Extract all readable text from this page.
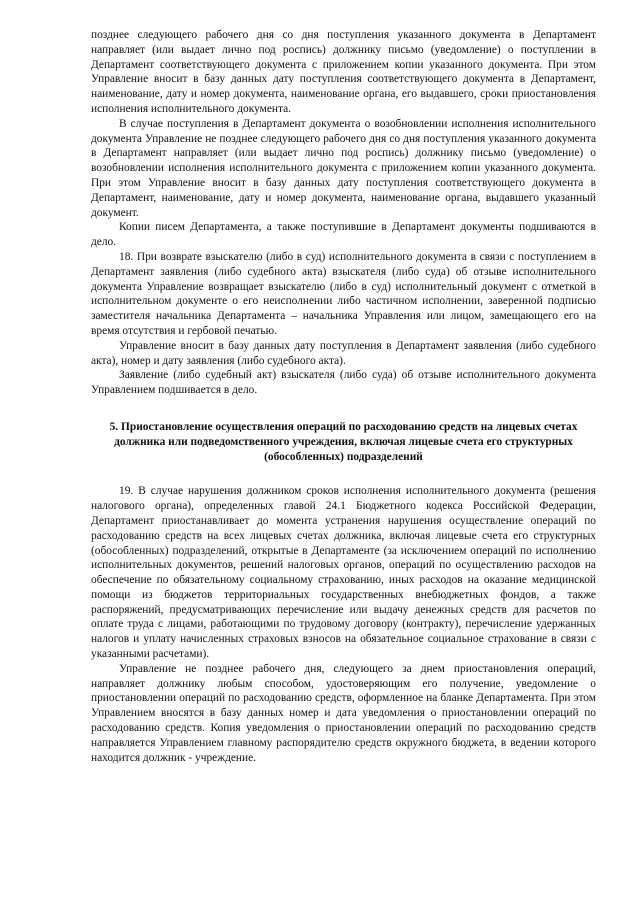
позднее следующего рабочего дня со дня поступления указанного документа в Департамент направляет (или выдает лично под роспись) должнику письмо (уведомление) о поступлении в Департамент соответствующего документа с приложением копии указанного документа. При этом Управление вносит в базу данных дату поступления соответствующего документа в Департамент, наименование, дату и номер документа, наименование органа, его выдавшего, сроки приостановления исполнения исполнительного документа.

В случае поступления в Департамент документа о возобновлении исполнения исполнительного документа Управление не позднее следующего рабочего дня со дня поступления указанного документа в Департамент направляет (или выдает лично под роспись) должнику письмо (уведомление) о возобновлении исполнения исполнительного документа с приложением копии указанного документа. При этом Управление вносит в базу данных дату поступления соответствующего документа в Департамент, наименование, дату и номер документа, наименование органа, выдавшего указанный документ.

Копии писем Департамента, а также поступившие в Департамент документы подшиваются в дело.

18. При возврате взыскателю (либо в суд) исполнительного документа в связи с поступлением в Департамент заявления (либо судебного акта) взыскателя (либо суда) об отзыве исполнительного документа Управление возвращает взыскателю (либо в суд) исполнительный документ с отметкой в исполнительном документе о его неисполнении либо частичном исполнении, заверенной подписью заместителя начальника Департамента – начальника Управления или лицом, замещающего его на время отсутствия и гербовой печатью.

Управление вносит в базу данных дату поступления в Департамент заявления (либо судебного акта), номер и дату заявления (либо судебного акта).

Заявление (либо судебный акт) взыскателя (либо суда) об отзыве исполнительного документа Управлением подшивается в дело.

5. Приостановление осуществления операций по расходованию средств на лицевых счетах должника или подведомственного учреждения, включая лицевые счета его структурных (обособленных) подразделений

19. В случае нарушения должником сроков исполнения исполнительного документа (решения налогового органа), определенных главой 24.1 Бюджетного кодекса Российской Федерации, Департамент приостанавливает до момента устранения нарушения осуществление операций по расходованию средств на всех лицевых счетах должника, включая лицевые счета его структурных (обособленных) подразделений, открытые в Департаменте (за исключением операций по исполнению исполнительных документов, решений налоговых органов, операций по осуществлению расходов на обеспечение по обязательному социальному страхованию, иных расходов на оказание медицинской помощи из бюджетов территориальных государственных внебюджетных фондов, а также распоряжений, предусматривающих перечисление или выдачу денежных средств для расчетов по оплате труда с лицами, работающими по трудовому договору (контракту), перечисление удержанных налогов и уплату начисленных страховых взносов на обязательное социальное страхование в связи с указанными расчетами).

Управление не позднее рабочего дня, следующего за днем приостановления операций, направляет должнику любым способом, удостоверяющим его получение, уведомление о приостановлении операций по расходованию средств, оформленное на бланке Департамента. При этом Управлением вносятся в базу данных номер и дата уведомления о приостановлении операций по расходованию средств. Копия уведомления о приостановлении операций по расходованию средств направляется Управлением главному распорядителю средств окружного бюджета, в ведении которого находится должник - учреждение.
